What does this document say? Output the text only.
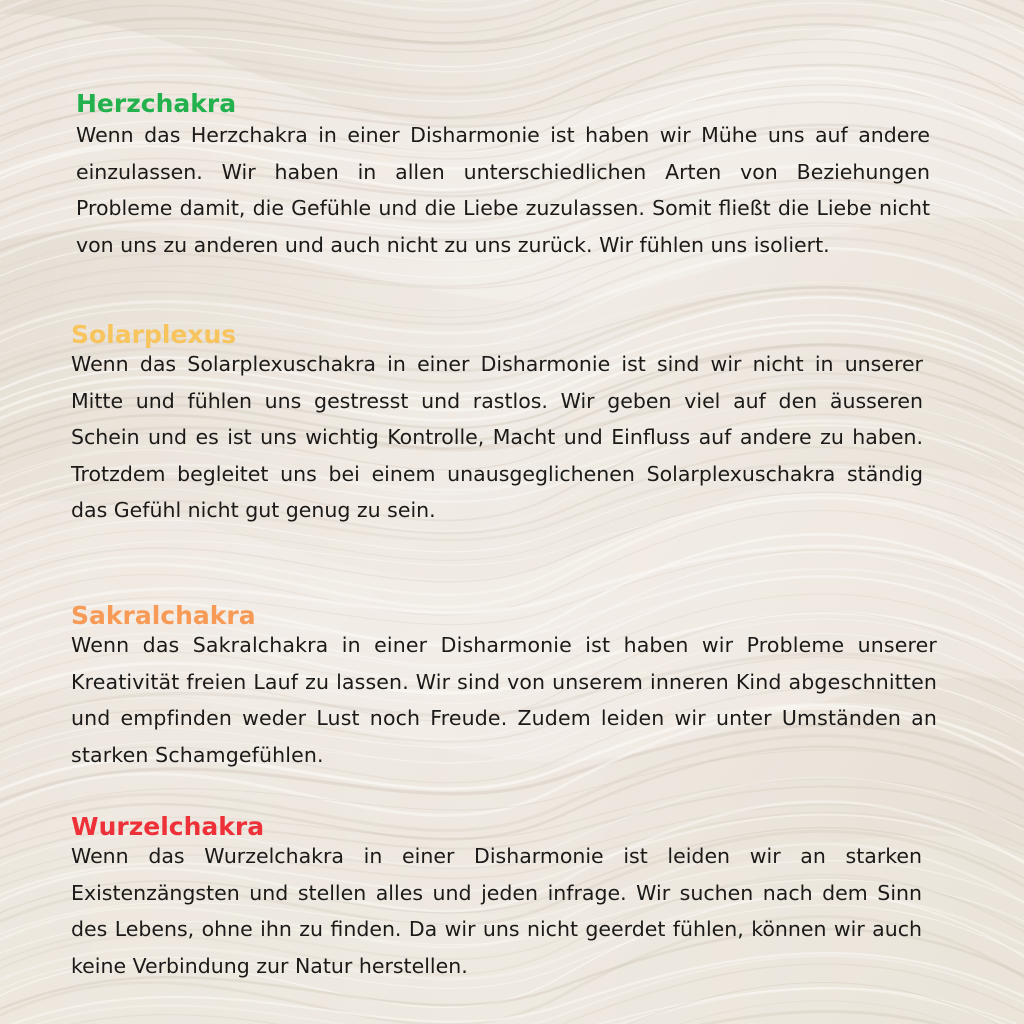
Herzchakra

Wenn das Herzchakra in einer Disharmonie ist haben wir Mühe uns auf andere einzulassen. Wir haben in allen unterschiedlichen Arten von Beziehungen Probleme damit, die Gefühle und die Liebe zuzulassen. Somit fließt die Liebe nicht von uns zu anderen und auch nicht zu uns zurück. Wir fühlen uns isoliert.

Solarplexus

Wenn das Solarplexuschakra in einer Disharmonie ist sind wir nicht in unserer Mitte und fühlen uns gestresst und rastlos. Wir geben viel auf den äusseren Schein und es ist uns wichtig Kontrolle, Macht und Einfluss auf andere zu haben. Trotzdem begleitet uns bei einem unausgeglichenen Solarplexuschakra ständig das Gefühl nicht gut genug zu sein.

Sakralchakra

Wenn das Sakralchakra in einer Disharmonie ist haben wir Probleme unserer Kreativität freien Lauf zu lassen. Wir sind von unserem inneren Kind abgeschnitten und empfinden weder Lust noch Freude. Zudem leiden wir unter Umständen an starken Schamgefühlen.

Wurzelchakra

Wenn das Wurzelchakra in einer Disharmonie ist leiden wir an starken Existenzängsten und stellen alles und jeden infrage. Wir suchen nach dem Sinn des Lebens, ohne ihn zu finden. Da wir uns nicht geerdet fühlen, können wir auch keine Verbindung zur Natur herstellen.
